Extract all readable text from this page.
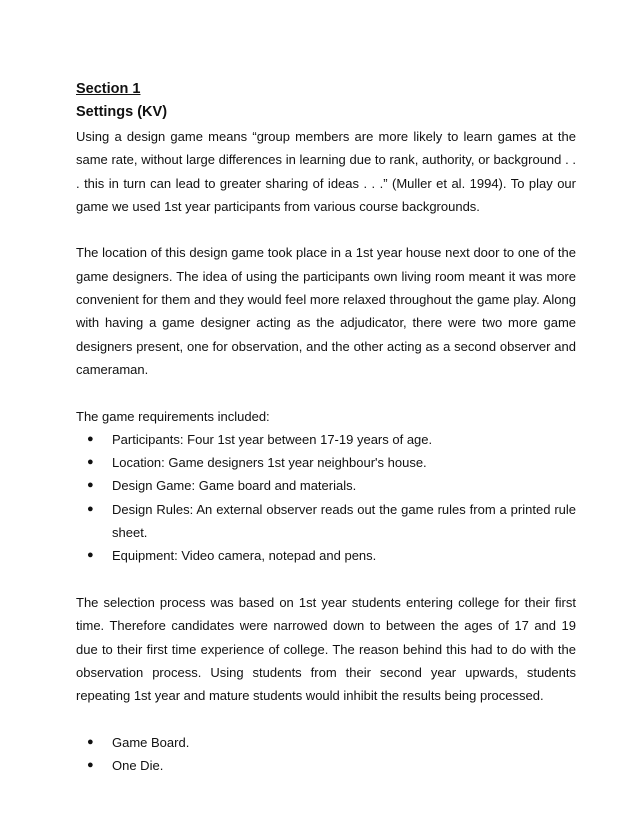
Section 1
Settings (KV)

Using a design game means “group members are more likely to learn games at the same rate, without large differences in learning due to rank, authority, or background . . . this in turn can lead to greater sharing of ideas . . .” (Muller et al. 1994). To play our game we used 1st year participants from various course backgrounds.

The location of this design game took place in a 1st year house next door to one of the game designers. The idea of using the participants own living room meant it was more convenient for them and they would feel more relaxed throughout the game play. Along with having a game designer acting as the adjudicator, there were two more game designers present, one for observation, and the other acting as a second observer and cameraman.

The game requirements included:

● Participants: Four 1st year between 17-19 years of age.
● Location: Game designers 1st year neighbour's house.
● Design Game: Game board and materials.
● Design Rules: An external observer reads out the game rules from a printed rule sheet.
● Equipment: Video camera, notepad and pens.

The selection process was based on 1st year students entering college for their first time. Therefore candidates were narrowed down to between the ages of 17 and 19 due to their first time experience of college. The reason behind this had to do with the observation process. Using students from their second year upwards, students repeating 1st year and mature students would inhibit the results being processed.

● Game Board.
● One Die.
